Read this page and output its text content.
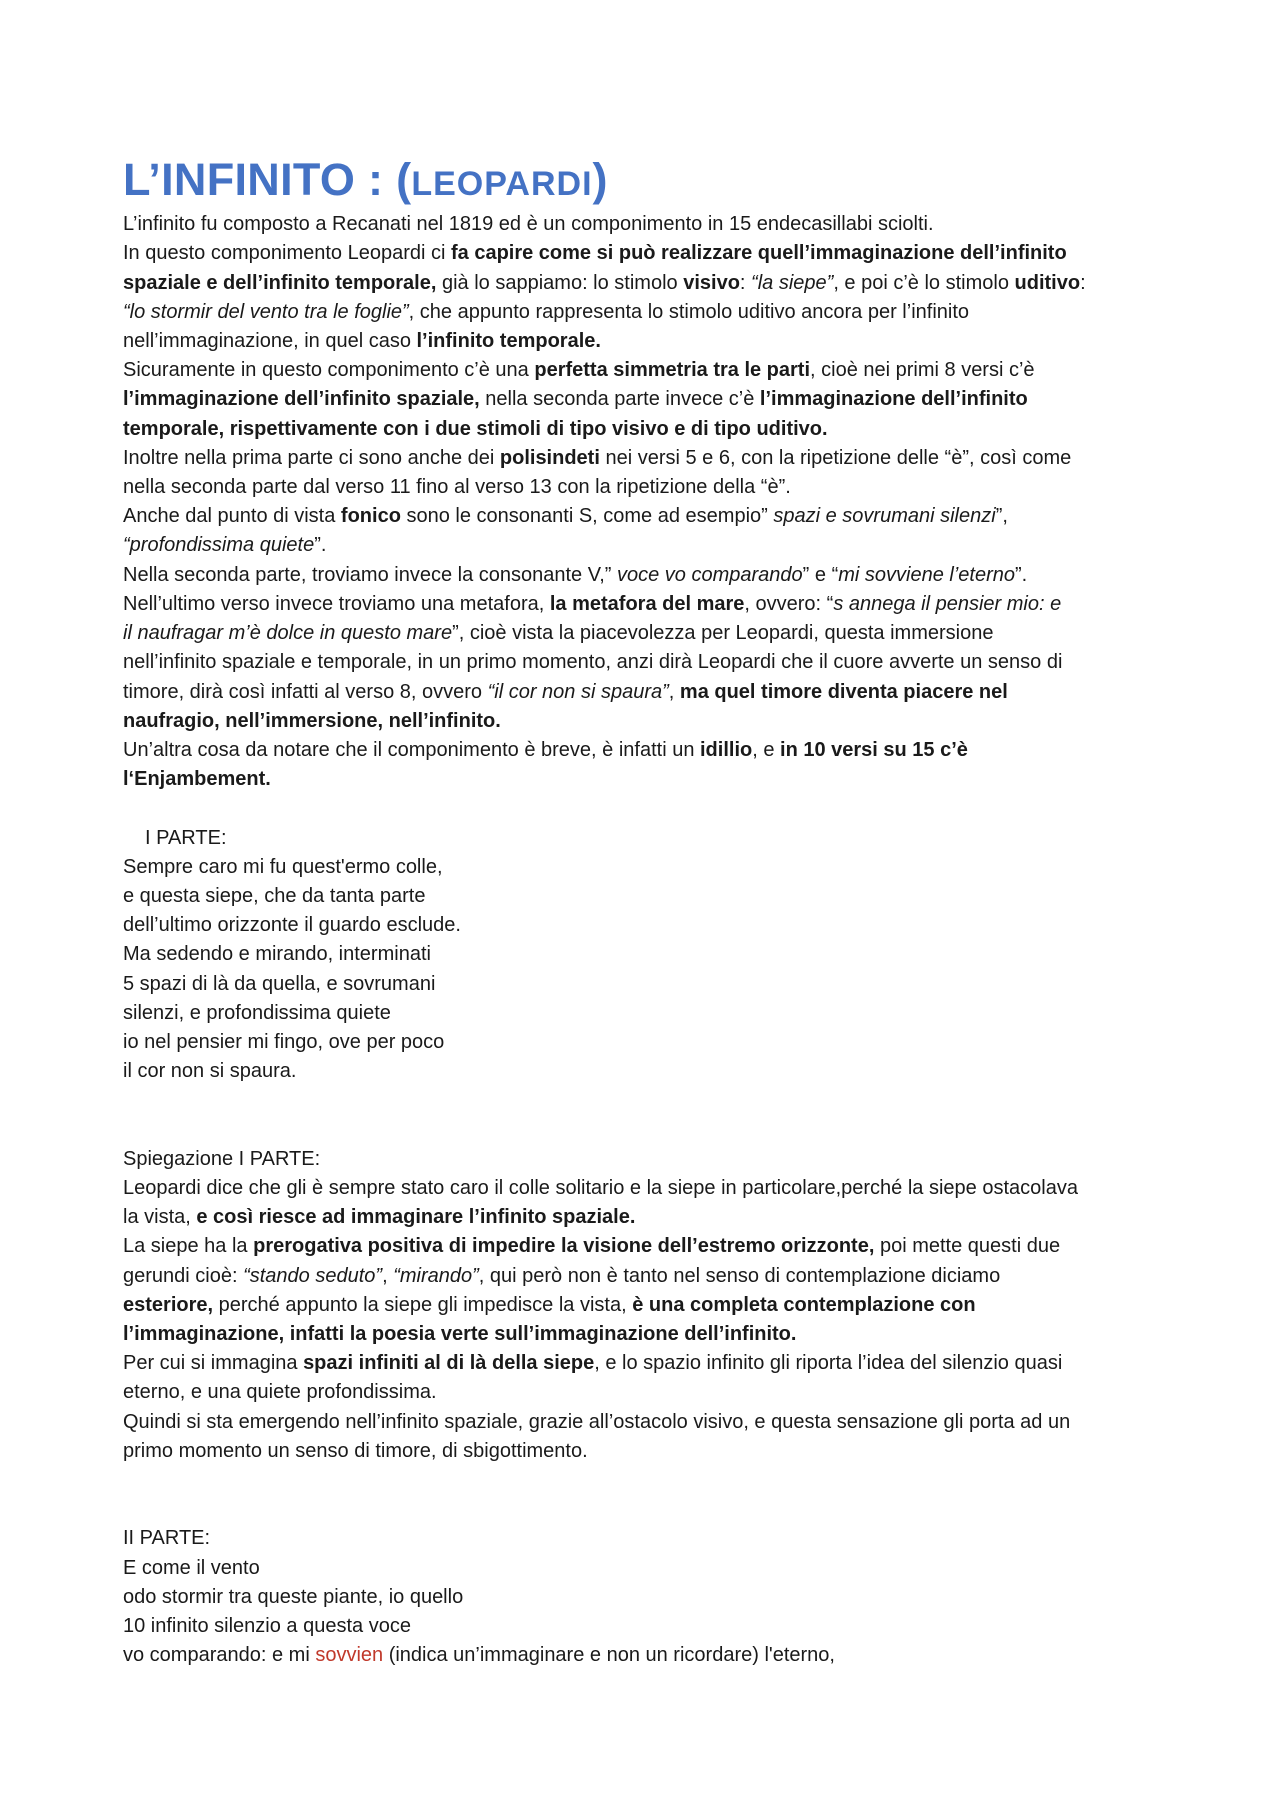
L’INFINITO : (LEOPARDI)

L’infinito fu composto a Recanati nel 1819 ed è un componimento in 15 endecasillabi sciolti.

In questo componimento Leopardi ci fa capire come si può realizzare quell’immaginazione dell’infinito

spaziale e dell’infinito temporale, già lo sappiamo: lo stimolo visivo: “la siepe”, e poi c’è lo stimolo uditivo:

“lo stormir del vento tra le foglie”, che appunto rappresenta lo stimolo uditivo ancora per l’infinito

nell’immaginazione, in quel caso l’infinito temporale.

Sicuramente in questo componimento c’è una perfetta simmetria tra le parti, cioè nei primi 8 versi c’è

l’immaginazione dell’infinito spaziale, nella seconda parte invece c’è l’immaginazione dell’infinito

temporale, rispettivamente con i due stimoli di tipo visivo e di tipo uditivo.

Inoltre nella prima parte ci sono anche dei polisindeti nei versi 5 e 6, con la ripetizione delle “è”, così come

nella seconda parte dal verso 11 fino al verso 13 con la ripetizione della “è”.

Anche dal punto di vista fonico sono le consonanti S, come ad esempio” spazi e sovrumani silenzi”,

“profondissima quiete”.

Nella seconda parte, troviamo invece la consonante V,” voce vo comparando” e “mi sovviene l’eterno”.

Nell’ultimo verso invece troviamo una metafora, la metafora del mare, ovvero: “s annega il pensier mio: e

il naufragar m’è dolce in questo mare”, cioè vista la piacevolezza per Leopardi, questa immersione

nell’infinito spaziale e temporale, in un primo momento, anzi dirà Leopardi che il cuore avverte un senso di

timore, dirà così infatti al verso 8, ovvero “il cor non si spaura”, ma quel timore diventa piacere nel

naufragio, nell’immersione, nell’infinito.

Un’altra cosa da notare che il componimento è breve, è infatti un idillio, e in 10 versi su 15 c’è

l‘Enjambement.

I PARTE:

Sempre caro mi fu quest'ermo colle,

e questa siepe, che da tanta parte

dell’ultimo orizzonte il guardo esclude.

Ma sedendo e mirando, interminati

5 spazi di là da quella, e sovrumani

silenzi, e profondissima quiete

io nel pensier mi fingo, ove per poco

il cor non si spaura.

Spiegazione I PARTE:

Leopardi dice che gli è sempre stato caro il colle solitario e la siepe in particolare,perché la siepe ostacolava

la vista, e così riesce ad immaginare l’infinito spaziale.

La siepe ha la prerogativa positiva di impedire la visione dell’estremo orizzonte, poi mette questi due

gerundi cioè: “stando seduto”, “mirando”, qui però non è tanto nel senso di contemplazione diciamo

esteriore, perché appunto la siepe gli impedisce la vista, è una completa contemplazione con

l’immaginazione, infatti la poesia verte sull’immaginazione dell’infinito.

Per cui si immagina spazi infiniti al di là della siepe, e lo spazio infinito gli riporta l’idea del silenzio quasi

eterno, e una quiete profondissima.

Quindi si sta emergendo nell’infinito spaziale, grazie all’ostacolo visivo, e questa sensazione gli porta ad un

primo momento un senso di timore, di sbigottimento.

II PARTE:

E come il vento

odo stormir tra queste piante, io quello

10 infinito silenzio a questa voce

vo comparando: e mi sovvien (indica un’immaginare e non un ricordare) l'eterno,
